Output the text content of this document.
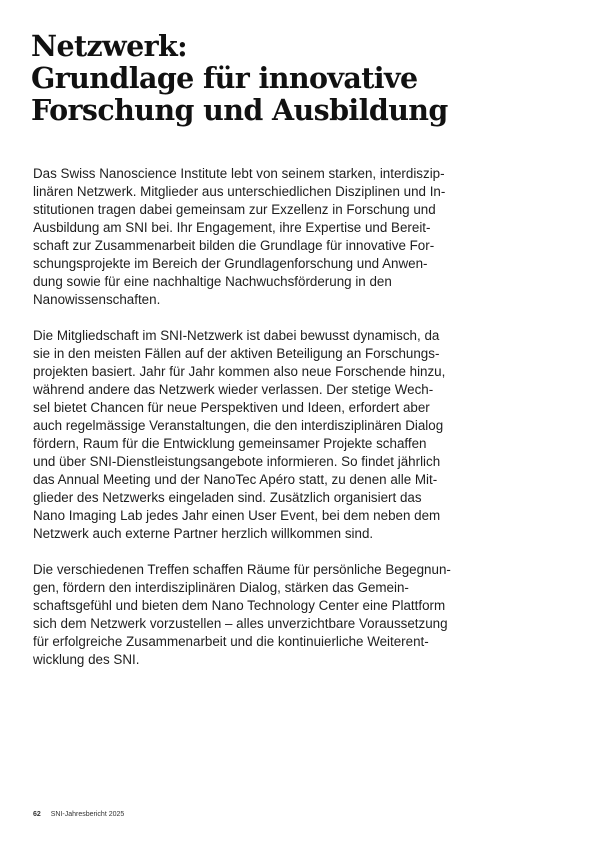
Netzwerk:
Grundlage für innovative
Forschung und Ausbildung

Das Swiss Nanoscience Institute lebt von seinem starken, interdiszip-
linären Netzwerk. Mitglieder aus unterschiedlichen Disziplinen und In-
stitutionen tragen dabei gemeinsam zur Exzellenz in Forschung und
Ausbildung am SNI bei. Ihr Engagement, ihre Expertise und Bereit-
schaft zur Zusammenarbeit bilden die Grundlage für innovative For-
schungsprojekte im Bereich der Grundlagenforschung und Anwen-
dung sowie für eine nachhaltige Nachwuchsförderung in den
Nanowissenschaften.

Die Mitgliedschaft im SNI-Netzwerk ist dabei bewusst dynamisch, da
sie in den meisten Fällen auf der aktiven Beteiligung an Forschungs-
projekten basiert. Jahr für Jahr kommen also neue Forschende hinzu,
während andere das Netzwerk wieder verlassen. Der stetige Wech-
sel bietet Chancen für neue Perspektiven und Ideen, erfordert aber
auch regelmässige Veranstaltungen, die den interdisziplinären Dialog
fördern, Raum für die Entwicklung gemeinsamer Projekte schaffen
und über SNI-Dienstleistungsangebote informieren. So findet jährlich
das Annual Meeting und der NanoTec Apéro statt, zu denen alle Mit-
glieder des Netzwerks eingeladen sind. Zusätzlich organisiert das
Nano Imaging Lab jedes Jahr einen User Event, bei dem neben dem
Netzwerk auch externe Partner herzlich willkommen sind.

Die verschiedenen Treffen schaffen Räume für persönliche Begegnun-
gen, fördern den interdisziplinären Dialog, stärken das Gemein-
schaftsgefühl und bieten dem Nano Technology Center eine Plattform
sich dem Netzwerk vorzustellen – alles unverzichtbare Voraussetzung
für erfolgreiche Zusammenarbeit und die kontinuierliche Weiterent-
wicklung des SNI.

62 SNI-Jahresbericht 2025
